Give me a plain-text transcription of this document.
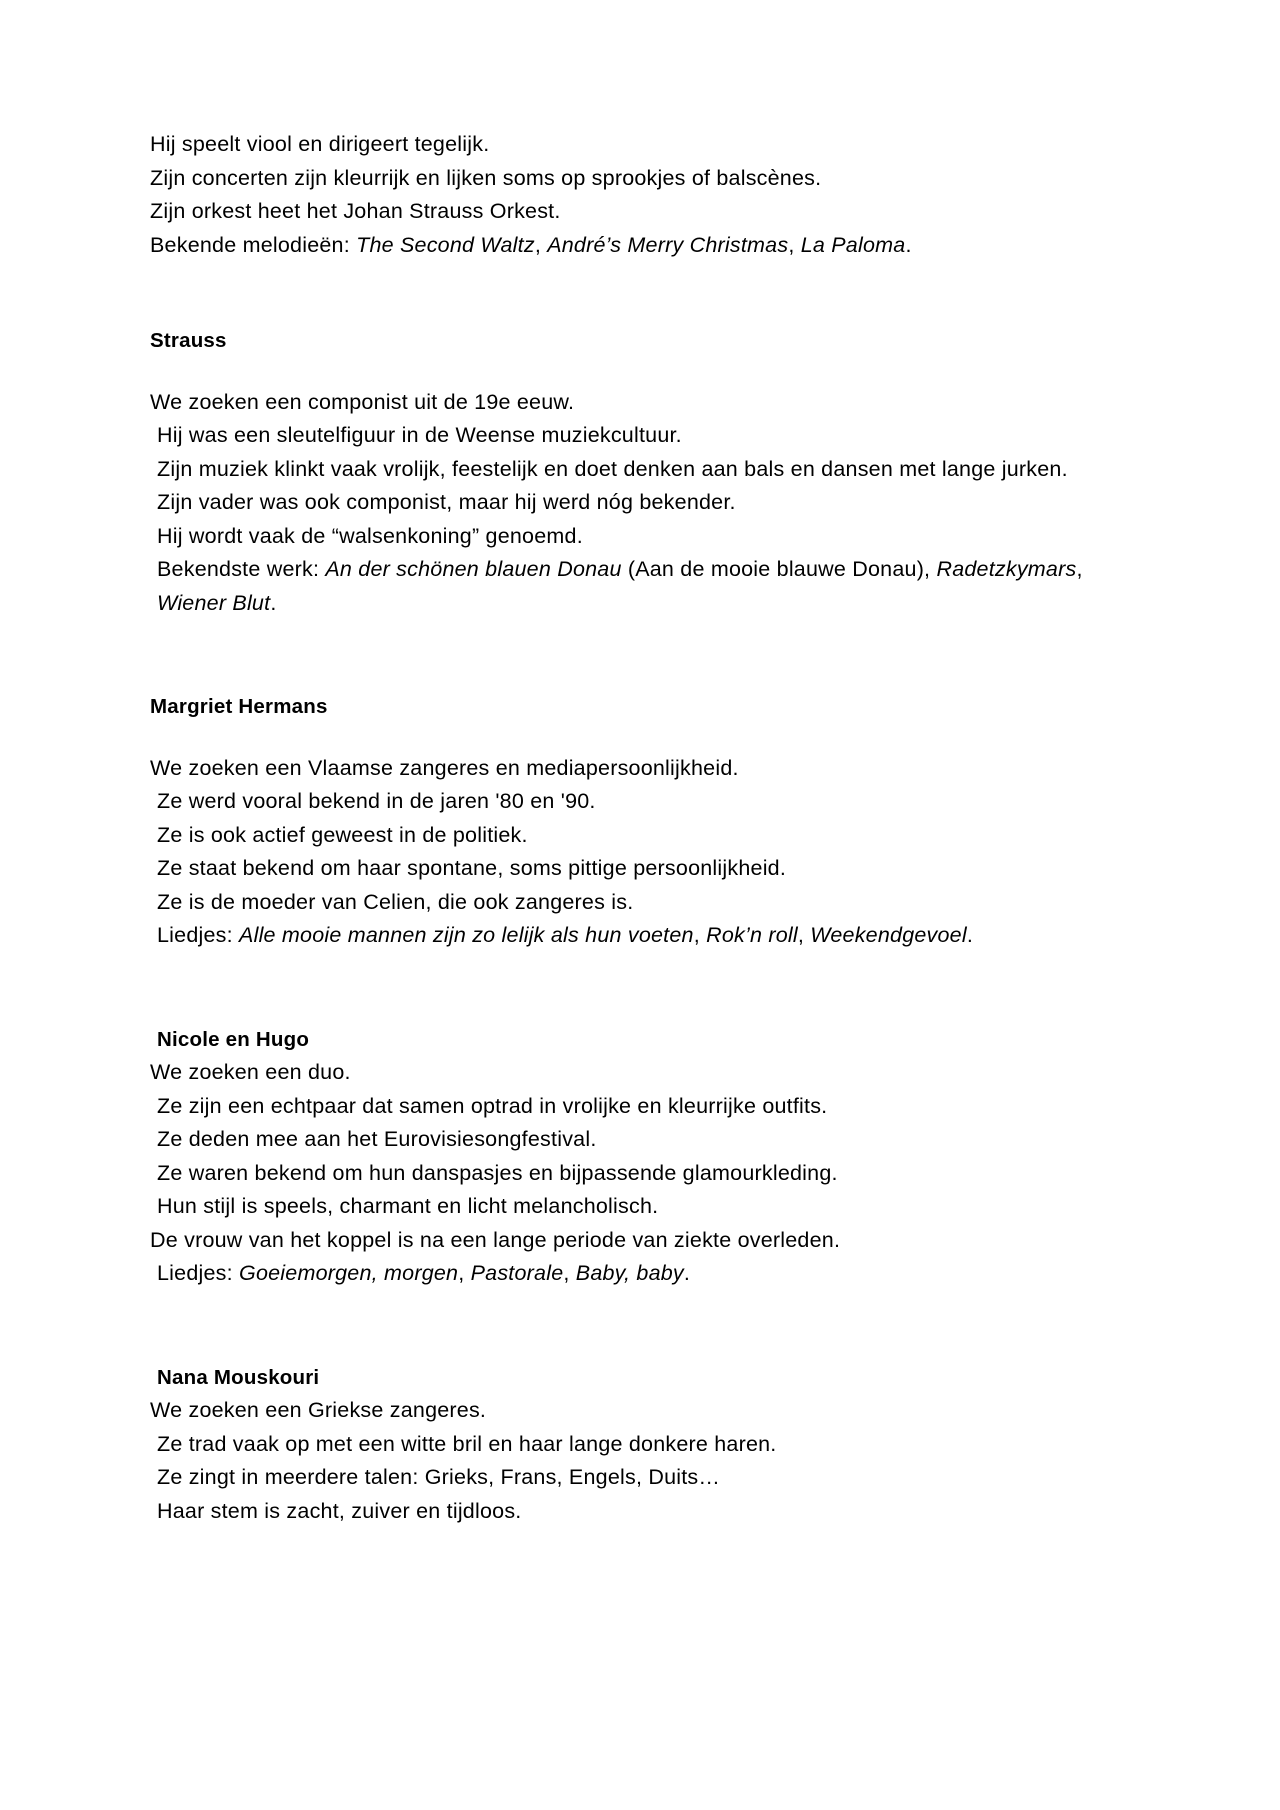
Hij speelt viool en dirigeert tegelijk.
Zijn concerten zijn kleurrijk en lijken soms op sprookjes of balscènes.
Zijn orkest heet het Johan Strauss Orkest.
Bekende melodieën: The Second Waltz, André’s Merry Christmas, La Paloma.
Strauss
We zoeken een componist uit de 19e eeuw.
Hij was een sleutelfiguur in de Weense muziekcultuur.
Zijn muziek klinkt vaak vrolijk, feestelijk en doet denken aan bals en dansen met lange jurken.
Zijn vader was ook componist, maar hij werd nóg bekender.
Hij wordt vaak de “walsenkoning” genoemd.
Bekendste werk: An der schönen blauen Donau (Aan de mooie blauwe Donau), Radetzkymars, Wiener Blut.
Margriet Hermans
We zoeken een Vlaamse zangeres en mediapersoonlijkheid.
Ze werd vooral bekend in de jaren '80 en '90.
Ze is ook actief geweest in de politiek.
Ze staat bekend om haar spontane, soms pittige persoonlijkheid.
Ze is de moeder van Celien, die ook zangeres is.
Liedjes: Alle mooie mannen zijn zo lelijk als hun voeten, Rok’n roll, Weekendgevoel.
Nicole en Hugo
We zoeken een duo.
Ze zijn een echtpaar dat samen optrad in vrolijke en kleurrijke outfits.
Ze deden mee aan het Eurovisiesongfestival.
Ze waren bekend om hun danspasjes en bijpassende glamourkleding.
Hun stijl is speels, charmant en licht melancholisch.
De vrouw van het koppel is na een lange periode van ziekte overleden.
Liedjes: Goeiemorgen, morgen, Pastorale, Baby, baby.
Nana Mouskouri
We zoeken een Griekse zangeres.
Ze trad vaak op met een witte bril en haar lange donkere haren.
Ze zingt in meerdere talen: Grieks, Frans, Engels, Duits…
Haar stem is zacht, zuiver en tijdloos.
